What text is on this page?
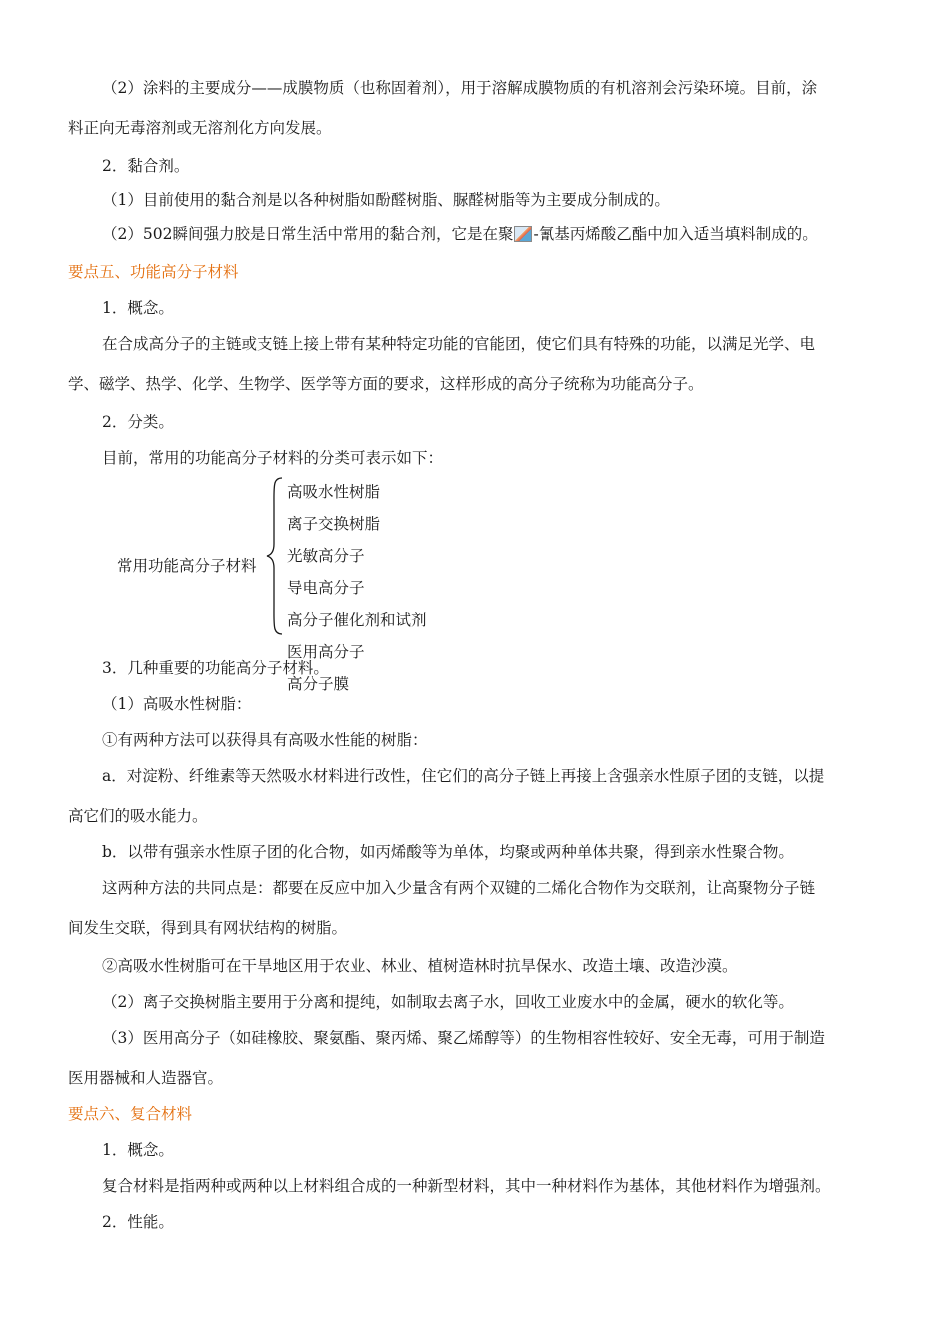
（2）涂料的主要成分——成膜物质（也称固着剂），用于溶解成膜物质的有机溶剂会污染环境。目前，涂
料正向无毒溶剂或无溶剂化方向发展。
2．黏合剂。
（1）目前使用的黏合剂是以各种树脂如酚醛树脂、脲醛树脂等为主要成分制成的。
（2）502瞬间强力胶是日常生活中常用的黏合剂，它是在聚 -氰基丙烯酸乙酯中加入适当填料制成的。
要点五、功能高分子材料
1．概念。
在合成高分子的主链或支链上接上带有某种特定功能的官能团，使它们具有特殊的功能，以满足光学、电
学、磁学、热学、化学、生物学、医学等方面的要求，这样形成的高分子统称为功能高分子。
2．分类。
目前，常用的功能高分子材料的分类可表示如下：
常用功能高分子材料
高吸水性树脂
离子交换树脂
光敏高分子
导电高分子
高分子催化剂和试剂
医用高分子
高分子膜
3．几种重要的功能高分子材料。
（1）高吸水性树脂：
①有两种方法可以获得具有高吸水性能的树脂：
a．对淀粉、纤维素等天然吸水材料进行改性，住它们的高分子链上再接上含强亲水性原子团的支链，以提
高它们的吸水能力。
b．以带有强亲水性原子团的化合物，如丙烯酸等为单体，均聚或两种单体共聚，得到亲水性聚合物。
这两种方法的共同点是：都要在反应中加入少量含有两个双键的二烯化合物作为交联剂，让高聚物分子链
间发生交联，得到具有网状结构的树脂。
②高吸水性树脂可在干旱地区用于农业、林业、植树造林时抗旱保水、改造土壤、改造沙漠。
（2）离子交换树脂主要用于分离和提纯，如制取去离子水，回收工业废水中的金属，硬水的软化等。
（3）医用高分子（如硅橡胶、聚氨酯、聚丙烯、聚乙烯醇等）的生物相容性较好、安全无毒，可用于制造
医用器械和人造器官。
要点六、复合材料
1．概念。
复合材料是指两种或两种以上材料组合成的一种新型材料，其中一种材料作为基体，其他材料作为增强剂。
2．性能。
